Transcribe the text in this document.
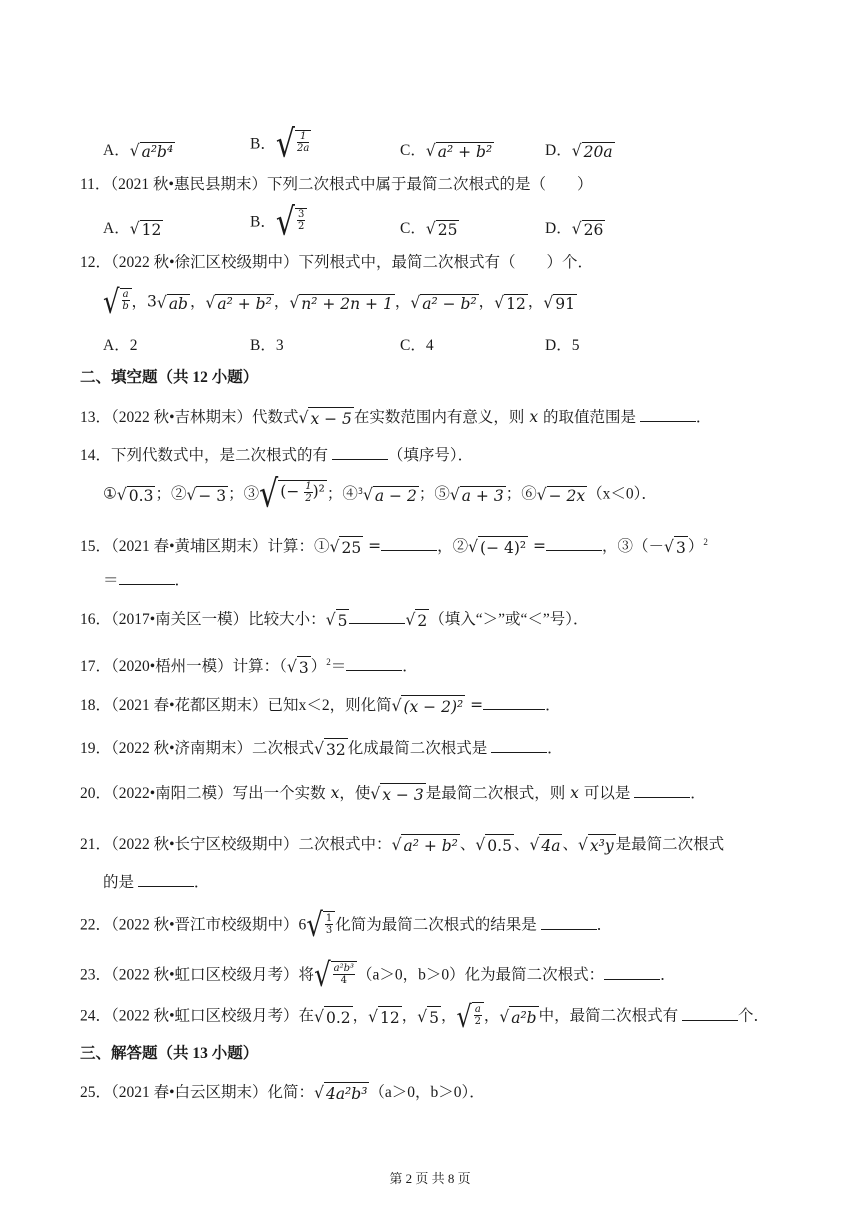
A． √ a²b⁴	B． √ $\frac{1}{2a}$	C． √ a² + b²	D． √ 20a
11．（2021 秋•惠民县期末）下列二次根式中属于最简二次根式的是（　　）
A． √ 12	B． √ $\frac{3}{2}$	C． √ 25	D． √ 26
12．（2022 秋•徐汇区校级期中）下列根式中，最简二次根式有（　　）个．
√ $\frac{a}{b}$ ，3 √ ab ， √ a² + b² ， √ n² + 2n + 1 ， √ a² − b² ， √ 12 ， √ 91
A．2	B．3	C．4	D．5
二、填空题（共 12 小题）
13．（2022 秋•吉林期末）代数式 √ x − 5 在实数范围内有意义，则 x 的取值范围是	．
14．下列代数式中，是二次根式的有	（填序号）．
① √ 0.3 ；② √ − 3 ；③ √ (− $\frac{1}{2} )^2$ ；④ $^3$√ a − 2 ；⑤ √ a + 3 ；⑥ √ − 2x （x＜0）．
15．（2021 春•黄埔区期末）计算：① √ 25 =	，② √ (− 4)² =	，③（－ √ 3 ）$^2$
＝	．
16．（2017•南关区一模）比较大小： √ 5	√ 2 （填入“＞”或“＜”号）．
17．（2020•梧州一模）计算：（ √ 3 ）$^2$＝	．
18．（2021 春•花都区期末）已知x＜2，则化简 √ (x − 2)² =	．
19．（2022 秋•济南期末）二次根式 √ 32 化成最简二次根式是	．
20．（2022•南阳二模）写出一个实数 x，使 √ x − 3 是最简二次根式，则 x 可以是	．
21．（2022 秋•长宁区校级期中）二次根式中： √ a² + b² 、 √ 0.5 、 √ 4a 、 √ x³y 是最简二次根式
的是	．
22．（2022 秋•晋江市校级期中）6 √ $\frac{1}{3}$ 化简为最简二次根式的结果是	．
23．（2022 秋•虹口区校级月考）将 √ $\frac{\text{a²b³}}{4} (a>0$，b＞0）化为最简二次根式：	．
24．（2022 秋•虹口区校级月考）在 √ 0.2 ， √ 12 ， √ 5 ， √ $\frac{a}{2}$ ， √ a²b 中，最简二次根式有	个．
三、解答题（共 13 小题）
25．（2021 春•白云区期末）化简： √ 4a²b³ （a＞0，b＞0）．
第 2 页 共 8 页
